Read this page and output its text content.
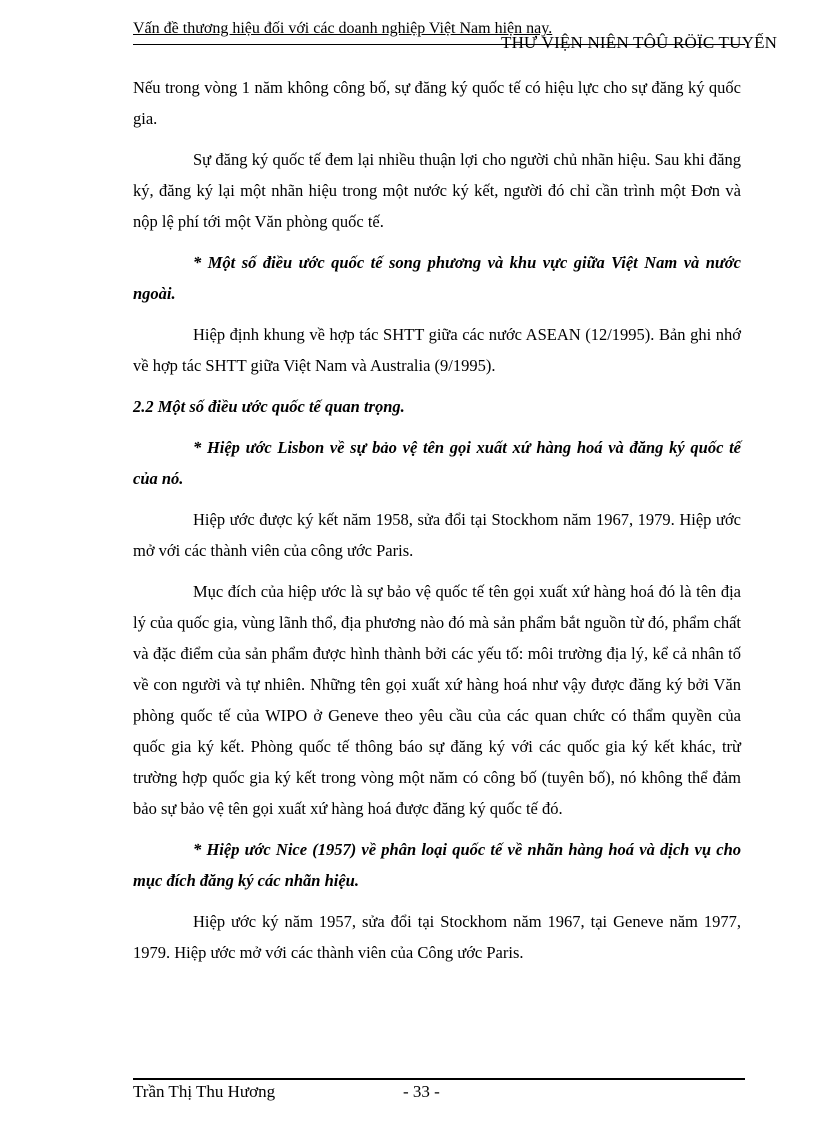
Vấn đề thương hiệu đối với các doanh nghiệp Việt Nam hiện nay.
THƯ VIỆN NIÊN TÔÛ RÖÏC TUYẾN

Nếu trong vòng 1 năm không công bố, sự đăng ký quốc tế có hiệu lực cho sự đăng ký quốc gia.

Sự đăng ký quốc tế đem lại nhiều thuận lợi cho người chủ nhãn hiệu. Sau khi đăng ký, đăng ký lại một nhãn hiệu trong một nước ký kết, người đó chỉ cần trình một Đơn và nộp lệ phí tới một Văn phòng quốc tế.

* Một số điều ước quốc tế song phương và khu vực giữa Việt Nam và nước ngoài.

Hiệp định khung về hợp tác SHTT giữa các nước ASEAN (12/1995). Bản ghi nhớ về hợp tác SHTT giữa Việt Nam và Australia (9/1995).

2.2 Một số điều ước quốc tế quan trọng.

* Hiệp ước Lisbon về sự bảo vệ tên gọi xuất xứ hàng hoá và đăng ký quốc tế của nó.

Hiệp ước được ký kết năm 1958, sửa đổi tại Stockhom năm 1967, 1979. Hiệp ước mở với các thành viên của công ước Paris.

Mục đích của hiệp ước là sự bảo vệ quốc tế tên gọi xuất xứ hàng hoá đó là tên địa lý của quốc gia, vùng lãnh thổ, địa phương nào đó mà sản phẩm bắt nguồn từ đó, phẩm chất và đặc điểm của sản phẩm được hình thành bởi các yếu tố: môi trường địa lý, kể cả nhân tố về con người và tự nhiên. Những tên gọi xuất xứ hàng hoá như vậy được đăng ký bởi Văn phòng quốc tế của WIPO ở Geneve theo yêu cầu của các quan chức có thẩm quyền của quốc gia ký kết. Phòng quốc tế thông báo sự đăng ký với các quốc gia ký kết khác, trừ trường hợp quốc gia ký kết trong vòng một năm có công bố (tuyên bố), nó không thể đảm bảo sự bảo vệ tên gọi xuất xứ hàng hoá được đăng ký quốc tế đó.

* Hiệp ước Nice (1957) về phân loại quốc tế về nhãn hàng hoá và dịch vụ cho mục đích đăng ký các nhãn hiệu.

Hiệp ước ký năm 1957, sửa đổi tại Stockhom năm 1967, tại Geneve năm 1977, 1979. Hiệp ước mở với các thành viên của Công ước Paris.

Trần Thị Thu Hương	- 33 -
